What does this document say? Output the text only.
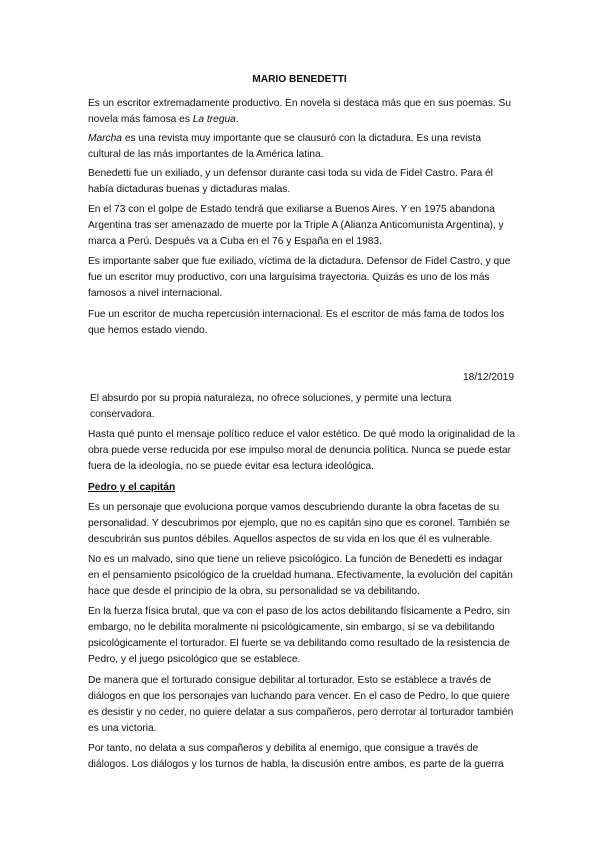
MARIO BENEDETTI

Es un escritor extremadamente productivo. En novela si destaca más que en sus poemas. Su novela más famosa es La tregua.

Marcha es una revista muy importante que se clausuró con la dictadura. Es una revista cultural de las más importantes de la América latina.

Benedetti fue un exiliado, y un defensor durante casi toda su vida de Fidel Castro. Para él había dictaduras buenas y dictaduras malas.

En el 73 con el golpe de Estado tendrá que exiliarse a Buenos Aires. Y en 1975 abandona Argentina tras ser amenazado de muerte por la Triple A (Alianza Anticomunista Argentina), y marca a Perú. Después va a Cuba en el 76 y España en el 1983.

Es importante saber que fue exiliado, víctima de la dictadura. Defensor de Fidel Castro, y que fue un escritor muy productivo, con una larguísima trayectoria. Quizás es uno de los más famosos a nivel internacional.

Fue un escritor de mucha repercusión internacional. Es el escritor de más fama de todos los que hemos estado viendo.

18/12/2019

El absurdo por su propia naturaleza, no ofrece soluciones, y permite una lectura conservadora.

Hasta qué punto el mensaje político reduce el valor estético. De qué modo la originalidad de la obra puede verse reducida por ese impulso moral de denuncia política. Nunca se puede estar fuera de la ideología, no se puede evitar esa lectura ideológica.

Pedro y el capitán

Es un personaje que evoluciona porque vamos descubriendo durante la obra facetas de su personalidad. Y descubrimos por ejemplo, que no es capitán sino que es coronel. También se descubrirán sus puntos débiles. Aquellos aspectos de su vida en los que él es vulnerable.

No es un malvado, sino que tiene un relieve psicológico. La función de Benedetti es indagar en el pensamiento psicológico de la crueldad humana. Efectivamente, la evolución del capitán hace que desde el principio de la obra, su personalidad se va debilitando.

En la fuerza física brutal, que va con el paso de los actos debilitando físicamente a Pedro, sin embargo, no le debilita moralmente ni psicológicamente, sin embargo, sí se va debilitando psicológicamente el torturador. El fuerte se va debilitando como resultado de la resistencia de Pedro, y el juego psicológico que se establece.

De manera que el torturado consigue debilitar al torturador. Esto se establece a través de diálogos en que los personajes van luchando para vencer. En el caso de Pedro, lo que quiere es desistir y no ceder, no quiere delatar a sus compañeros, pero derrotar al torturador también es una victoria.

Por tanto, no delata a sus compañeros y debilita al enemigo, que consigue a través de diálogos. Los diálogos y los turnos de habla, la discusión entre ambos, es parte de la guerra
